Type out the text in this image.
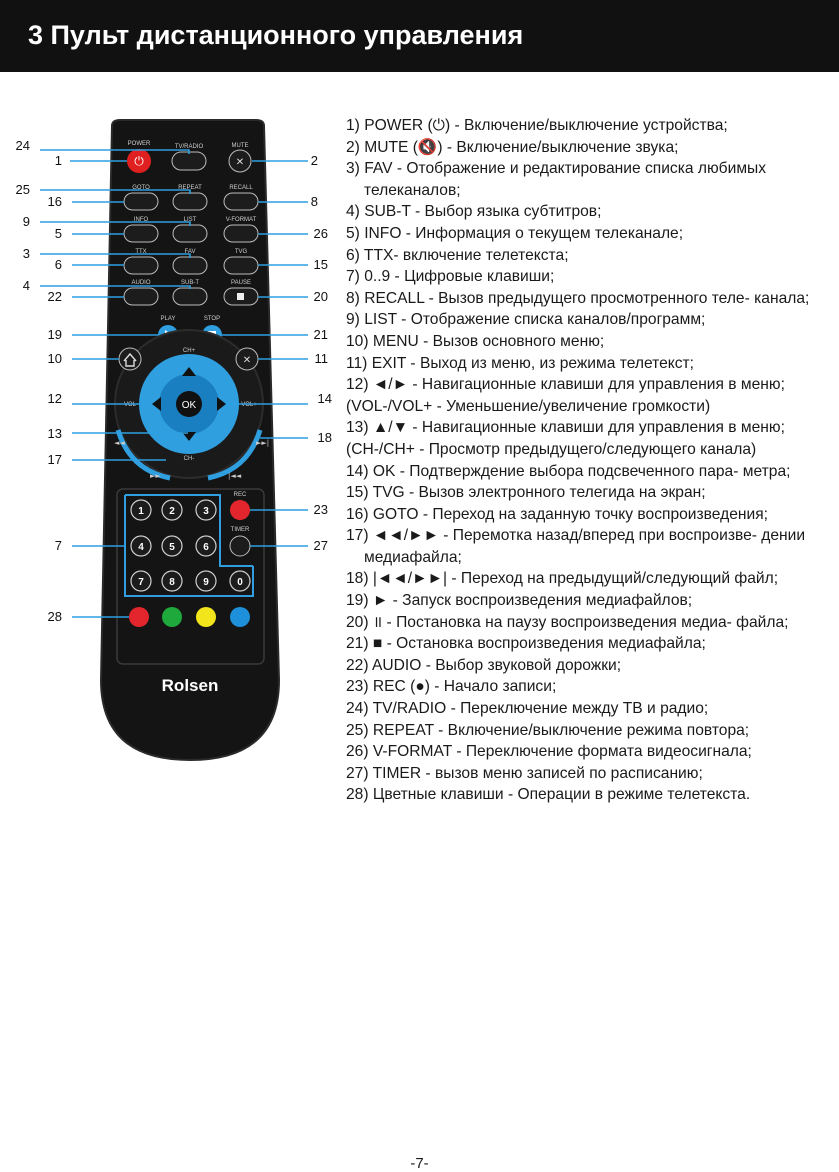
3 Пульт дистанционного управления
⏻
POWER	TV/RADIO
✕
MUTE
GOTO	REPEAT	RECALL
INFO	LIST	V-FORMAT
TTX	FAV	TVG
AUDIO	SUB-T	PAUSE
PLAY	STOP
✕
OK
CH+
CH-
VOL-	VOL+
◄◄
►►
►►|
|◄◄
1	2	3
4	5	6
7	8	9	0
REC
TIMER
Rolsen
24
1	2
25
16	8
9
5	26
3
6	15
4
22	20
19	21
10	11
12	14
13	18
17
23
7	27
28
1) POWER (⏻) - Включение/выключение устройства;
2) MUTE (🔇) - Включение/выключение звука;
3) FAV - Отображение и редактирование списка любимых телеканалов;
4) SUB-T - Выбор языка субтитров;
5) INFO - Информация о текущем телеканале;
6) TTX- включение телетекста;
7) 0..9 - Цифровые клавиши;
8) RECALL - Вызов предыдущего просмотренного теле- канала;
9) LIST - Отображение списка каналов/программ;
10) MENU - Вызов основного меню;
11) EXIT - Выход из меню, из режима телетекст;
12) ◄/► - Навигационные клавиши для управления в меню;
(VOL-/VOL+ - Уменьшение/увеличение громкости)
13) ▲/▼ - Навигационные клавиши для управления в меню;
(CH-/CH+ - Просмотр предыдущего/следующего канала)
14) OK - Подтверждение выбора подсвеченного пара- метра;
15) TVG - Вызов электронного телегида на экран;
16) GOTO - Переход на заданную точку воспроизведения;
17) ◄◄/►► - Перемотка назад/вперед при воспроизве- дении медиафайла;
18) |◄◄/►►| - Переход на предыдущий/следующий файл;
19) ► - Запуск воспроизведения медиафайлов;
20) ॥ - Постановка на паузу воспроизведения медиа- файла;
21) ■ - Остановка воспроизведения медиафайла;
22) AUDIO - Выбор звуковой дорожки;
23) REC (●) - Начало записи;
24) TV/RADIO - Переключение между ТВ и радио;
25) REPEAT - Включение/выключение режима повтора;
26) V-FORMAT - Переключение формата видеосигнала;
27) TIMER - вызов меню записей по расписанию;
28) Цветные клавиши - Операции в режиме телетекста.
-7-
